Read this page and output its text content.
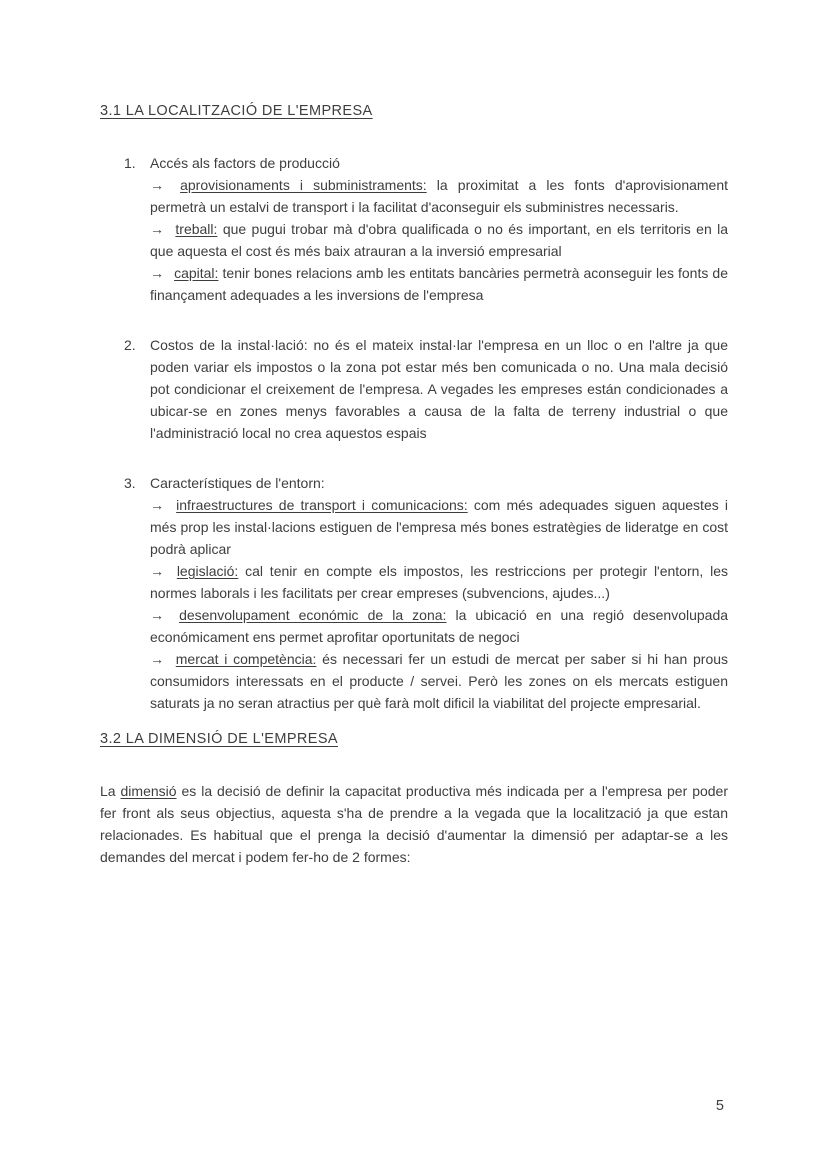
3.1 LA LOCALITZACIÓ DE L'EMPRESA
1.	Accés als factors de producció

→ aprovisionaments i subministraments: la proximitat a les fonts d'aprovisionament permetrà un estalvi de transport i la facilitat d'aconseguir els subministres necessaris.

→ treball: que pugui trobar mà d'obra qualificada o no és important, en els territoris en la que aquesta el cost és més baix atrauran a la inversió empresarial

→ capital: tenir bones relacions amb les entitats bancàries permetrà aconseguir les fonts de finançament adequades a les inversions de l'empresa

2.	Costos de la instal·lació: no és el mateix instal·lar l'empresa en un lloc o en l'altre ja que poden variar els impostos o la zona pot estar més ben comunicada o no. Una mala decisió pot condicionar el creixement de l'empresa. A vegades les empreses están condicionades a ubicar-se en zones menys favorables a causa de la falta de terreny industrial o que l'administració local no crea aquestos espais
3.	Característiques de l'entorn:

→ infraestructures de transport i comunicacions: com més adequades siguen aquestes i més prop les instal·lacions estiguen de l'empresa més bones estratègies de lideratge en cost podrà aplicar

→ legislació: cal tenir en compte els impostos, les restriccions per protegir l'entorn, les normes laborals i les facilitats per crear empreses (subvencions, ajudes...)

→ desenvolupament económic de la zona: la ubicació en una regió desenvolupada económicament ens permet aprofitar oportunitats de negoci

→ mercat i competència: és necessari fer un estudi de mercat per saber si hi han prous consumidors interessats en el producte / servei. Però les zones on els mercats estiguen saturats ja no seran atractius per què farà molt dificil la viabilitat del projecte empresarial.

3.2 LA DIMENSIÓ DE L'EMPRESA

La dimensió es la decisió de definir la capacitat productiva més indicada per a l'empresa per poder fer front als seus objectius, aquesta s'ha de prendre a la vegada que la localització ja que estan relacionades. Es habitual que el prenga la decisió d'aumentar la dimensió per adaptar-se a les demandes del mercat i podem fer-ho de 2 formes:

5
